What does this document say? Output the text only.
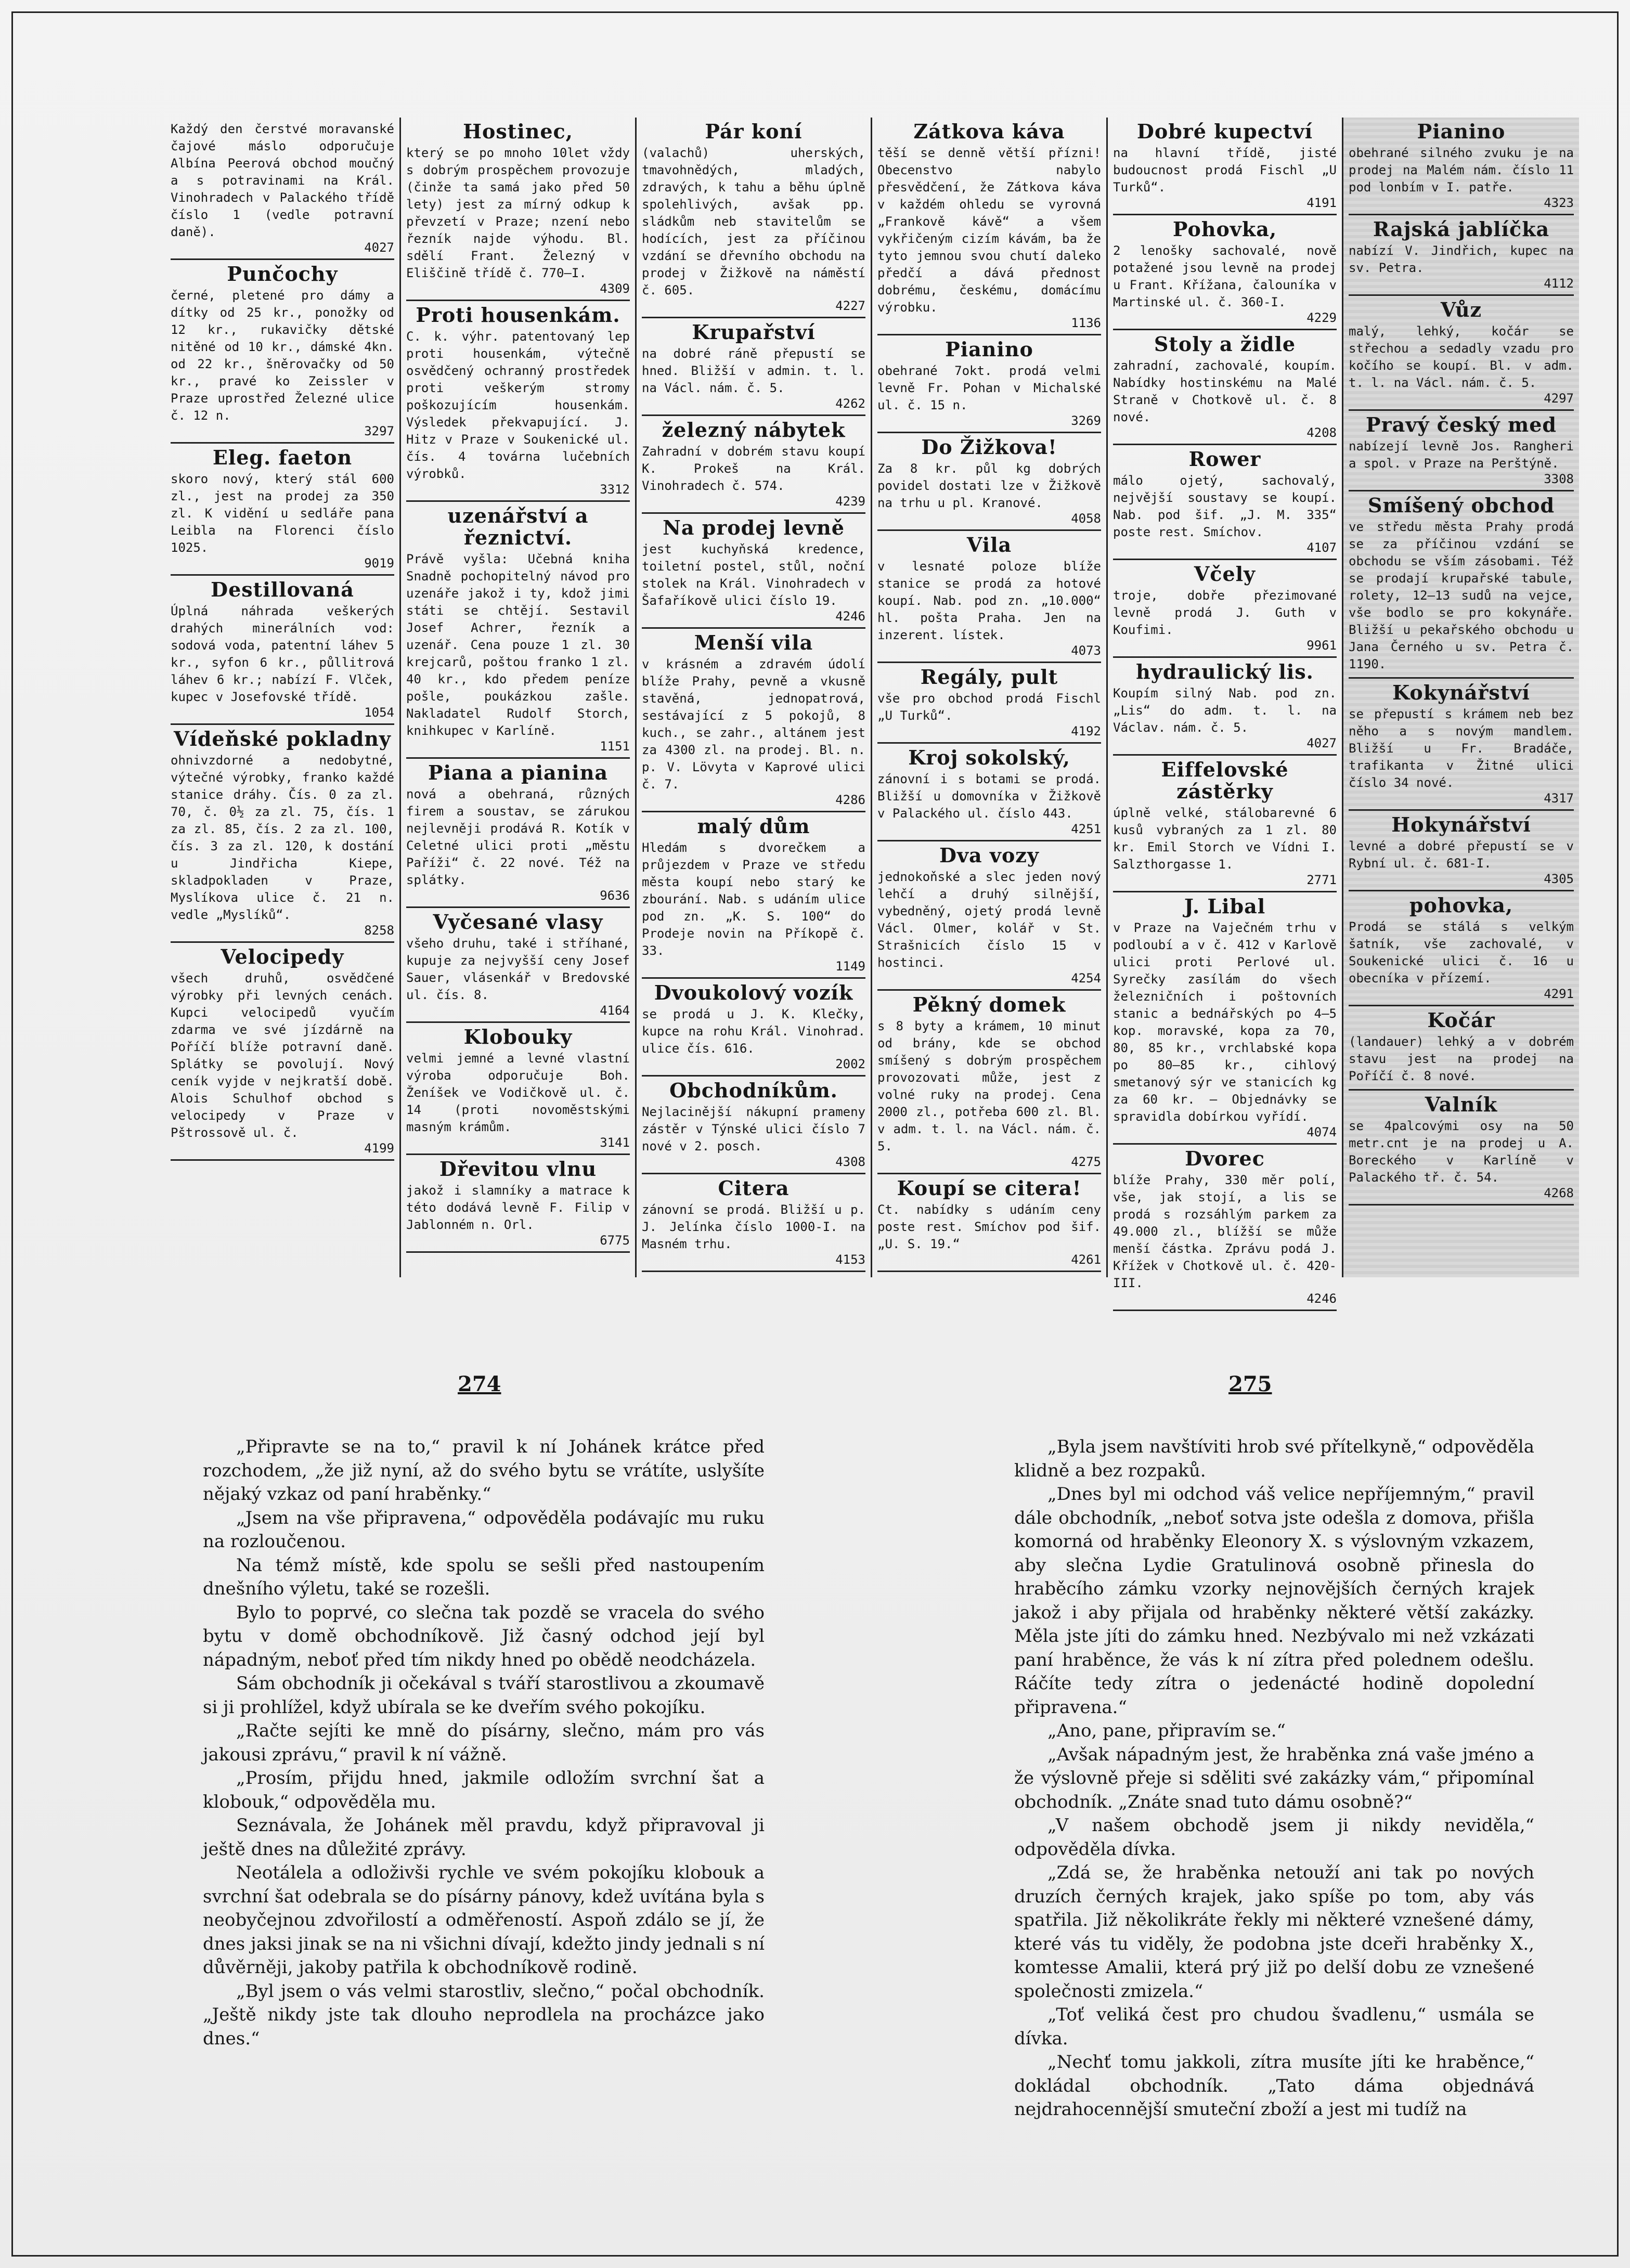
Každý den čerstvé moravanské čajové máslo odporučuje Albína Peerová obchod moučný a s potravinami na Král. Vinohradech v Palackého třídě číslo 1 (vedle potravní daně).

4027
Punčochy

černé, pletené pro dámy a dítky od 25 kr., ponožky od 12 kr., rukavičky dětské nitěné od 10 kr., dámské 4kn. od 22 kr., šněrovačky od 50 kr., pravé ko Zeissler v Praze uprostřed Železné ulice č. 12 n.

3297
Eleg. faeton

skoro nový, který stál 600 zl., jest na prodej za 350 zl. K vidění u sedláře pana Leibla na Florenci číslo 1025.

9019
Destillovaná

Úplná náhrada veškerých drahých minerálních vod: sodová voda, patentní láhev 5 kr., syfon 6 kr., půllitrová láhev 6 kr.; nabízí F. Vlček, kupec v Josefovské třídě.

1054
Vídeňské pokladny

ohnivzdorné a nedobytné, výtečné výrobky, franko každé stanice dráhy. Čís. 0 za zl. 70, č. 0½ za zl. 75, čís. 1 za zl. 85, čís. 2 za zl. 100, čís. 3 za zl. 120, k dostání u Jindřicha Kiepe, skladpokladen v Praze, Myslíkova ulice č. 21 n. vedle „Myslíků“.

8258
Velocipedy

všech druhů, osvědčené výrobky při levných cenách. Kupci velocipedů vyučím zdarma ve své jízdárně na Poříčí blíže potravní daně. Splátky se povolují. Nový ceník vyjde v nejkratší době. Alois Schulhof obchod s velocipedy v Praze v Pštrossově ul. č.

4199
Hostinec,

který se po mnoho 10let vždy s dobrým prospěchem provozuje (činže ta samá jako před 50 lety) jest za mírný odkup k převzetí v Praze; nzení nebo řezník najde výhodu. Bl. sdělí Frant. Železný v Eliščině třídě č. 770—I.

4309
Proti housenkám.

C. k. výhr. patentovaný lep proti housenkám, výtečně osvědčený ochranný prostředek proti veškerým stromy poškozujícím housenkám. Výsledek překvapující. J. Hitz v Praze v Soukenické ul. čís. 4 továrna lučebních výrobků.

3312
uzenářství a řeznictví.

Právě vyšla: Učebná kniha Snadně pochopitelný návod pro uzenáře jakož i ty, kdož jimi státi se chtějí. Sestavil Josef Achrer, řezník a uzenář. Cena pouze 1 zl. 30 krejcarů, poštou franko 1 zl. 40 kr., kdo předem peníze pošle, poukázkou zašle. Nakladatel Rudolf Storch, knihkupec v Karlíně.

1151
Piana a pianina

nová a obehraná, různých firem a soustav, se zárukou nejlevněji prodává R. Kotík v Celetné ulici proti „městu Paříži“ č. 22 nové. Též na splátky.

9636
Vyčesané vlasy

všeho druhu, také i stříhané, kupuje za nejvyšší ceny Josef Sauer, vlásenkář v Bredovské ul. čís. 8.

4164
Klobouky

velmi jemné a levné vlastní výroba odporučuje Boh. Ženíšek ve Vodičkově ul. č. 14 (proti novoměstskými masným krámům.

3141
Dřevitou vlnu

jakož i slamníky a matrace k této dodává levně F. Filip v Jablonném n. Orl.

6775
Pár koní

(valachů) uherských, tmavohnědých, mladých, zdravých, k tahu a běhu úplně spolehlivých, avšak pp. sládkům neb stavitelům se hodících, jest za příčinou vzdání se dřevního obchodu na prodej v Žižkově na náměstí č. 605.

4227
Krupařství

na dobré ráně přepustí se hned. Bližší v admin. t. l. na Václ. nám. č. 5.

4262
železný nábytek

Zahradní v dobrém stavu koupí K. Prokeš na Král. Vinohradech č. 574.

4239
Na prodej levně

jest kuchyňská kredence, toiletní postel, stůl, noční stolek na Král. Vinohradech v Šafaříkově ulici číslo 19.

4246
Menší vila

v krásném a zdravém údolí blíže Prahy, pevně a vkusně stavěná, jednopatrová, sestávající z 5 pokojů, 8 kuch., se zahr., altánem jest za 4300 zl. na prodej. Bl. n. p. V. Lövyta v Kaprové ulici č. 7.

4286
malý dům

Hledám s dvorečkem a průjezdem v Praze ve středu města koupí nebo starý ke zbourání. Nab. s udáním ulice pod zn. „K. S. 100“ do Prodeje novin na Příkopě č. 33.

1149
Dvoukolový vozík

se prodá u J. K. Klečky, kupce na rohu Král. Vinohrad. ulice čís. 616.

2002
Obchodníkům.

Nejlacinější nákupní prameny zástěr v Týnské ulici číslo 7 nové v 2. posch.

4308
Citera

zánovní se prodá. Bližší u p. J. Jelínka číslo 1000-I. na Masném trhu.

4153
Zátkova káva

těší se denně větší přízni! Obecenstvo nabylo přesvědčení, že Zátkova káva v každém ohledu se vyrovná „Frankově kávě“ a všem vykřičeným cizím kávám, ba že tyto jemnou svou chutí daleko předčí a dává přednost dobrému, českému, domácímu výrobku.

1136
Pianino

obehrané 7okt. prodá velmi levně Fr. Pohan v Michalské ul. č. 15 n.

3269
Do Žižkova!

Za 8 kr. půl kg dobrých povidel dostati lze v Žižkově na trhu u pl. Kranové.

4058
Vila

v lesnaté poloze blíže stanice se prodá za hotové koupí. Nab. pod zn. „10.000“ hl. pošta Praha. Jen na inzerent. lístek.

4073
Regály, pult

vše pro obchod prodá Fischl „U Turků“.

4192
Kroj sokolský,

zánovní i s botami se prodá. Bližší u domovníka v Žižkově v Palackého ul. číslo 443.

4251
Dva vozy

jednokoňské a slec jeden nový lehčí a druhý silnější, vybedněný, ojetý prodá levně Václ. Olmer, kolář v St. Strašnicích číslo 15 v hostinci.

4254
Pěkný domek

s 8 byty a krámem, 10 minut od brány, kde se obchod smíšený s dobrým prospěchem provozovati může, jest z volné ruky na prodej. Cena 2000 zl., potřeba 600 zl. Bl. v adm. t. l. na Václ. nám. č. 5.

4275
Koupí se citera!

Ct. nabídky s udáním ceny poste rest. Smíchov pod šif. „U. S. 19.“

4261
Dobré kupectví

na hlavní třídě, jisté budoucnost prodá Fischl „U Turků“.

4191
Pohovka,

2 lenošky sachovalé, nově potažené jsou levně na prodej u Frant. Křížana, čalouníka v Martinské ul. č. 360-I.

4229
Stoly a židle

zahradní, zachovalé, koupím. Nabídky hostinskému na Malé Straně v Chotkově ul. č. 8 nové.

4208
Rower

málo ojetý, sachovalý, nejvější soustavy se koupí. Nab. pod šif. „J. M. 335“ poste rest. Smíchov.

4107
Včely

troje, dobře přezimované levně prodá J. Guth v Koufimi.

9961
hydraulický lis.

Koupím silný Nab. pod zn. „Lis“ do adm. t. l. na Václav. nám. č. 5.

4027
Eiffelovské zástěrky

úplně velké, stálobarevné 6 kusů vybraných za 1 zl. 80 kr. Emil Storch ve Vídni I. Salzthorgasse 1.

2771
J. Libal

v Praze na Vaječném trhu v podloubí a v č. 412 v Karlově ulici proti Perlové ul. Syrečky zasílám do všech železničních i poštovních stanic a bednářských po 4—5 kop. moravské, kopa za 70, 80, 85 kr., vrchlabské kopa po 80—85 kr., cihlový smetanový sýr ve stanicích kg za 60 kr. — Objednávky se spravidla dobírkou vyřídí.

4074
Dvorec

blíže Prahy, 330 měr polí, vše, jak stojí, a lis se prodá s rozsáhlým parkem za 49.000 zl., blížší se může menší částka. Zprávu podá J. Křížek v Chotkově ul. č. 420-III.

4246
Pianino

obehrané silného zvuku je na prodej na Malém nám. číslo 11 pod lonbím v I. patře.

4323
Rajská jablíčka

nabízí V. Jindřich, kupec na sv. Petra.

4112
Vůz

malý, lehký, kočár se střechou a sedadly vzadu pro kočího se koupí. Bl. v adm. t. l. na Václ. nám. č. 5.

4297
Pravý český med

nabízejí levně Jos. Rangheri a spol. v Praze na Perštýně.

3308
Smíšený obchod

ve středu města Prahy prodá se za příčinou vzdání se obchodu se vším zásobami. Též se prodají krupařské tabule, rolety, 12—13 sudů na vejce, vše bodlo se pro kokynáře. Bližší u pekařského obchodu u Jana Černého u sv. Petra č. 1190.

Kokynářství

se přepustí s krámem neb bez něho a s novým mandlem. Bližší u Fr. Bradáče, trafikanta v Žitné ulici číslo 34 nové.

4317
Hokynářství

levné a dobré přepustí se v Rybní ul. č. 681-I.

4305
pohovka,

Prodá se stálá s velkým šatník, vše zachovalé, v Soukenické ulici č. 16 u obecníka v přízemí.

4291
Kočár

(landauer) lehký a v dobrém stavu jest na prodej na Poříčí č. 8 nové.

Valník

se 4palcovými osy na 50 metr.cnt je na prodej u A. Boreckého v Karlíně v Palackého tř. č. 54.

4268
274	275

„Připravte se na to,“ pravil k ní Johánek krátce před rozchodem, „že již nyní, až do svého bytu se vrátíte, uslyšíte nějaký vzkaz od paní hraběnky.“

„Jsem na vše připravena,“ odpověděla podávajíc mu ruku na rozloučenou.

Na témž místě, kde spolu se sešli před nastoupením dnešního výletu, také se rozešli.

Bylo to poprvé, co slečna tak pozdě se vracela do svého bytu v domě obchodníkově. Již časný odchod její byl nápadným, neboť před tím nikdy hned po obědě neodcházela.

Sám obchodník ji očekával s tváří starostlivou a zkoumavě si ji prohlížel, když ubírala se ke dveřím svého pokojíku.

„Račte sejíti ke mně do písárny, slečno, mám pro vás jakousi zprávu,“ pravil k ní vážně.

„Prosím, přijdu hned, jakmile odložím svrchní šat a klobouk,“ odpověděla mu.

Seznávala, že Johánek měl pravdu, když připravoval ji ještě dnes na důležité zprávy.

Neotálela a odloživši rychle ve svém pokojíku klobouk a svrchní šat odebrala se do písárny pánovy, kdež uvítána byla s neobyčejnou zdvořilostí a odměřeností. Aspoň zdálo se jí, že dnes jaksi jinak se na ni všichni dívají, kdežto jindy jednali s ní důvěrněji, jakoby patřila k obchodníkově rodině.

„Byl jsem o vás velmi starostliv, slečno,“ počal obchodník. „Ještě nikdy jste tak dlouho neprodlela na procházce jako dnes.“

„Byla jsem navštíviti hrob své přítelkyně,“ odpověděla klidně a bez rozpaků.

„Dnes byl mi odchod váš velice nepříjemným,“ pravil dále obchodník, „neboť sotva jste odešla z domova, přišla komorná od hraběnky Eleonory X. s výslovným vzkazem, aby slečna Lydie Gratulinová osobně přinesla do hraběcího zámku vzorky nejnovějších černých krajek jakož i aby přijala od hraběnky některé větší zakázky. Měla jste jíti do zámku hned. Nezbývalo mi než vzkázati paní hraběnce, že vás k ní zítra před polednem odešlu. Ráčíte tedy zítra o jedenácté hodině dopolední připravena.“

„Ano, pane, připravím se.“

„Avšak nápadným jest, že hraběnka zná vaše jméno a že výslovně přeje si sděliti své zakázky vám,“ připomínal obchodník. „Znáte snad tuto dámu osobně?“

„V našem obchodě jsem ji nikdy neviděla,“ odpověděla dívka.

„Zdá se, že hraběnka netouží ani tak po nových druzích černých krajek, jako spíše po tom, aby vás spatřila. Již několikráte řekly mi některé vznešené dámy, které vás tu viděly, že podobna jste dceři hraběnky X., komtesse Amalii, která prý již po delší dobu ze vznešené společnosti zmizela.“

„Toť veliká čest pro chudou švadlenu,“ usmála se dívka.

„Nechť tomu jakkoli, zítra musíte jíti ke hraběnce,“ dokládal obchodník. „Tato dáma objednává nejdrahocennější smuteční zboží a jest mi tudíž na
